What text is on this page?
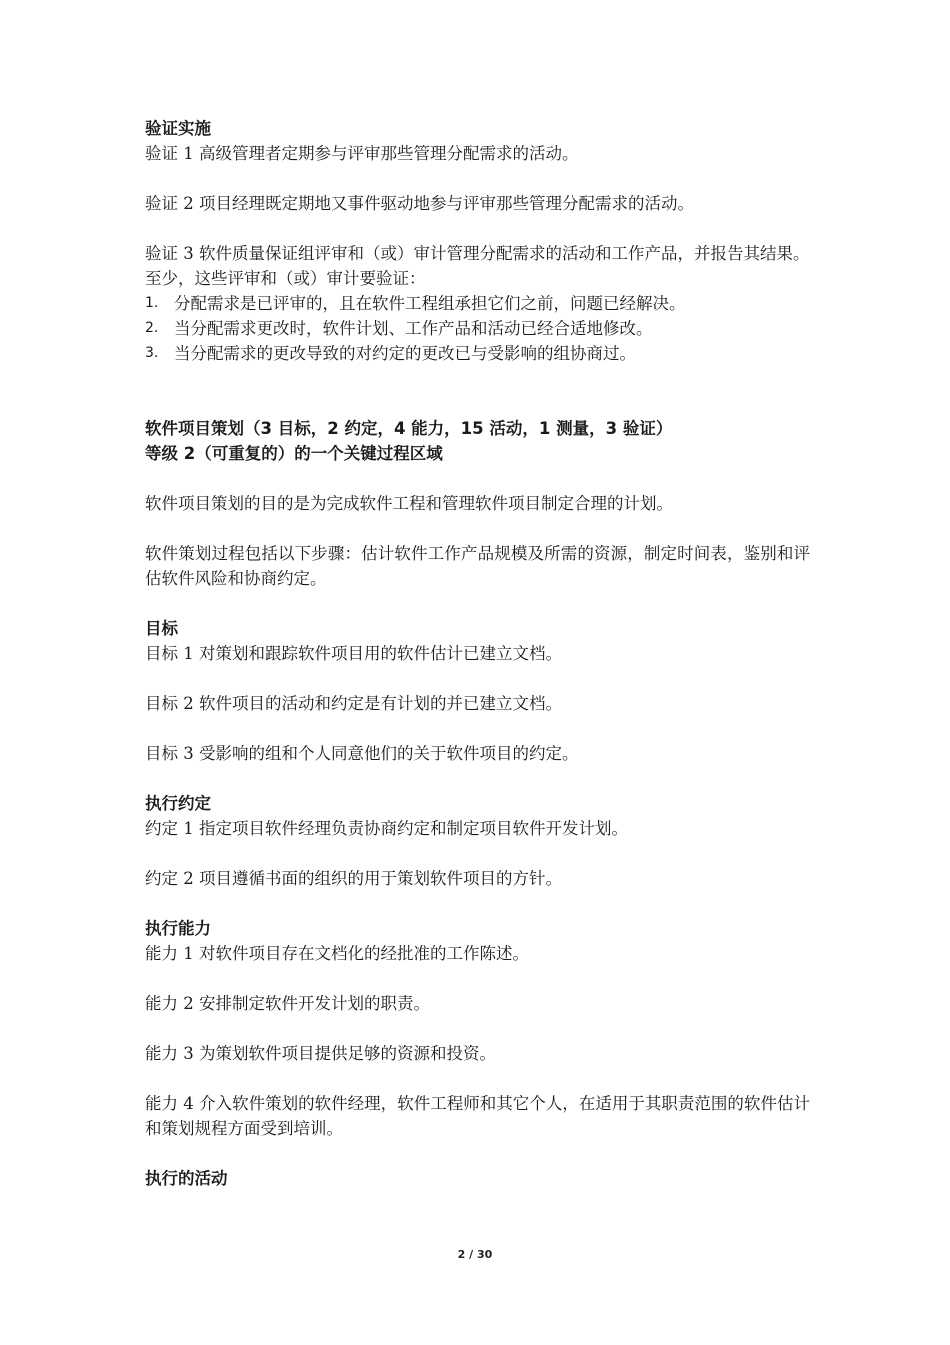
验证实施

验证 1 高级管理者定期参与评审那些管理分配需求的活动。

验证 2 项目经理既定期地又事件驱动地参与评审那些管理分配需求的活动。

验证 3 软件质量保证组评审和（或）审计管理分配需求的活动和工作产品，并报告其结果。

至少，这些评审和（或）审计要验证：

1. 分配需求是已评审的，且在软件工程组承担它们之前，问题已经解决。
2. 当分配需求更改时，软件计划、工作产品和活动已经合适地修改。
3. 当分配需求的更改导致的对约定的更改已与受影响的组协商过。

软件项目策划（3 目标，2 约定，4 能力，15 活动，1 测量，3 验证）

等级 2（可重复的）的一个关键过程区域

软件项目策划的目的是为完成软件工程和管理软件项目制定合理的计划。

软件策划过程包括以下步骤：估计软件工作产品规模及所需的资源，制定时间表，鉴别和评估软件风险和协商约定。

目标

目标 1 对策划和跟踪软件项目用的软件估计已建立文档。

目标 2 软件项目的活动和约定是有计划的并已建立文档。

目标 3 受影响的组和个人同意他们的关于软件项目的约定。

执行约定

约定 1 指定项目软件经理负责协商约定和制定项目软件开发计划。

约定 2 项目遵循书面的组织的用于策划软件项目的方针。

执行能力

能力 1 对软件项目存在文档化的经批准的工作陈述。

能力 2 安排制定软件开发计划的职责。

能力 3 为策划软件项目提供足够的资源和投资。

能力 4 介入软件策划的软件经理，软件工程师和其它个人，在适用于其职责范围的软件估计和策划规程方面受到培训。

执行的活动

2 / 30
